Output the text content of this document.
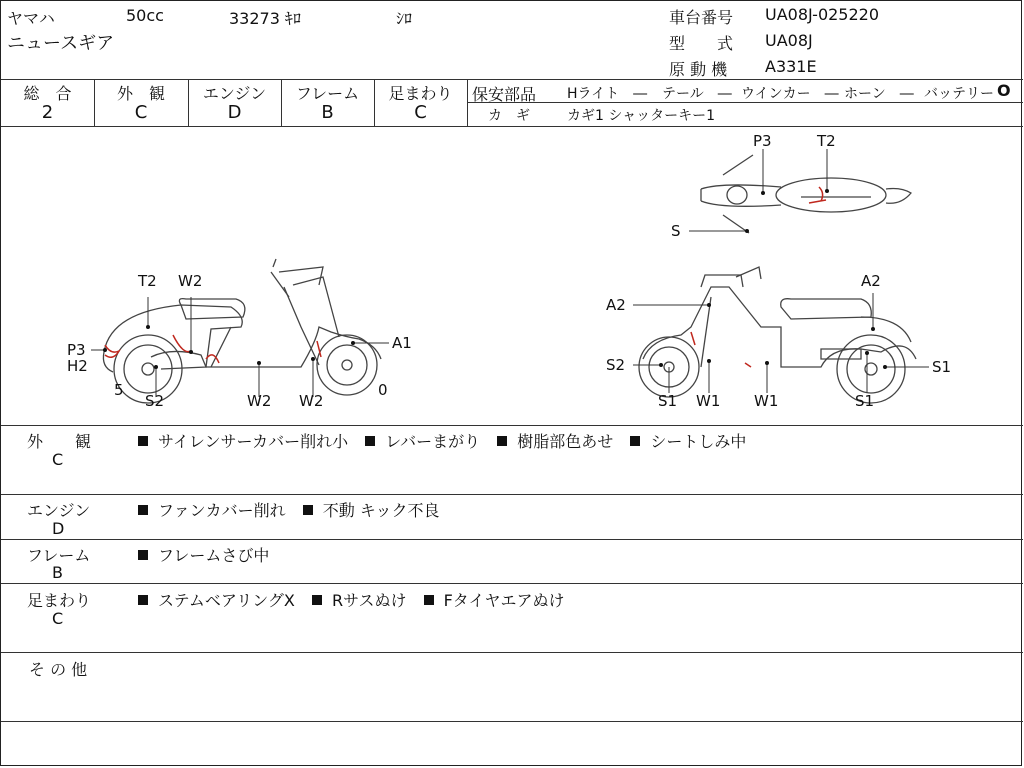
ヤマハ	50cc	33273 ｷﾛ	ｼﾛ
ニュースギア
車台番号 UA08J-025220
型　　式 UA08J
原 動 機 A331E
総　合
2
外　観
C
エンジン
D
フレーム
B
足まわり
C
保安部品 Hライト　― テール　― ウインカー　― ホーン　― バッテリー O
カ　ギ	カギ1 シャッターキー1
T2 W2
P3
H2
5
S2	W2 W2
A1
0
A2
A2
S2
S1 W1 W1	S1
S1
P3	T2
S
外　　観
C
サイレンサーカバー削れ小 レバーまがり 樹脂部色あせ シートしみ中
エンジン
D
ファンカバー削れ 不動 キック不良
フレーム
B
フレームさび中
足まわり
C
ステムベアリングX Rサスぬけ Fタイヤエアぬけ
そ の 他
